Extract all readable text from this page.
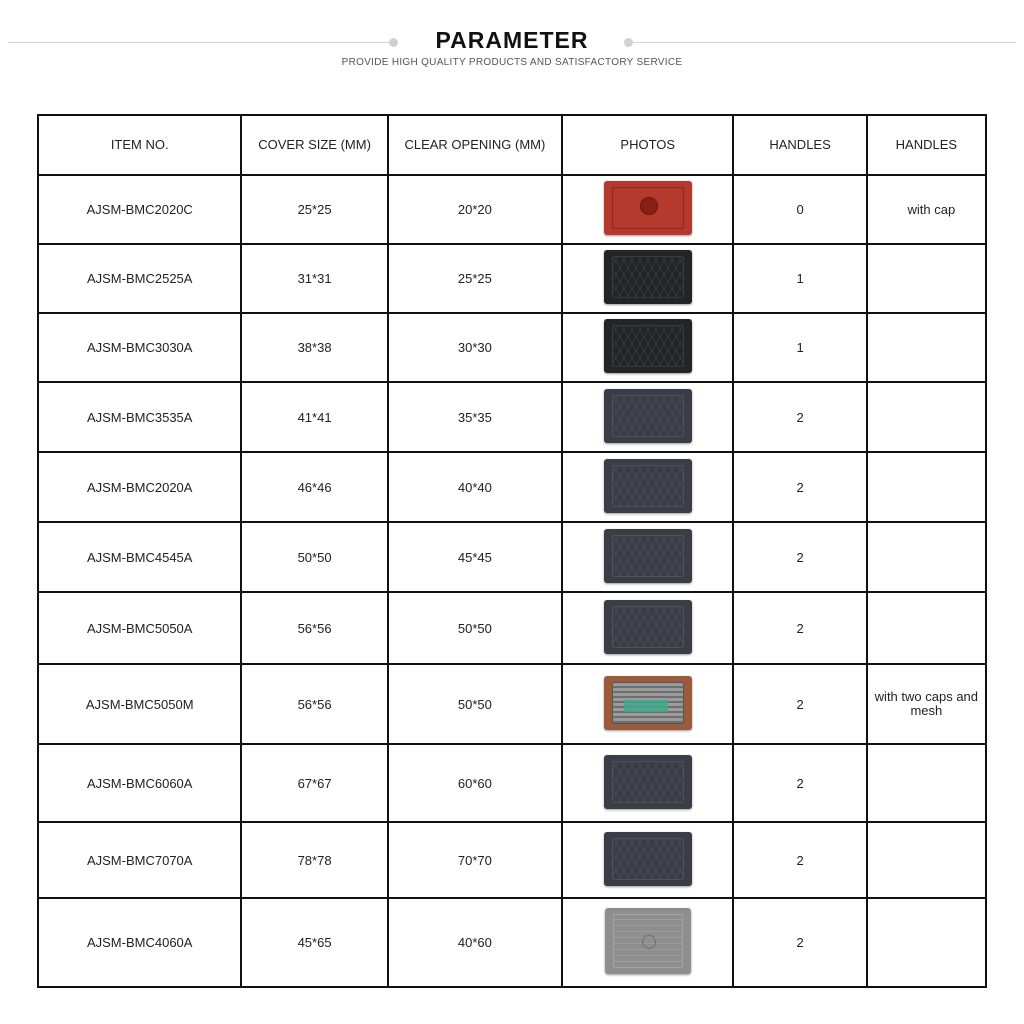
PARAMETER
PROVIDE HIGH QUALITY PRODUCTS AND SATISFACTORY SERVICE
ITEM NO.	COVER SIZE (MM)	CLEAR OPENING (MM)	PHOTOS	HANDLES	HANDLES
AJSM-BMC2020C	25*25	20*20		0	with cap
AJSM-BMC2525A	31*31	25*25		1	
AJSM-BMC3030A	38*38	30*30		1	
AJSM-BMC3535A	41*41	35*35		2	
AJSM-BMC2020A	46*46	40*40		2	
AJSM-BMC4545A	50*50	45*45		2	
AJSM-BMC5050A	56*56	50*50		2	
AJSM-BMC5050M	56*56	50*50		2	with two caps and mesh
AJSM-BMC6060A	67*67	60*60		2	
AJSM-BMC7070A	78*78	70*70		2	
AJSM-BMC4060A	45*65	40*60		2	
